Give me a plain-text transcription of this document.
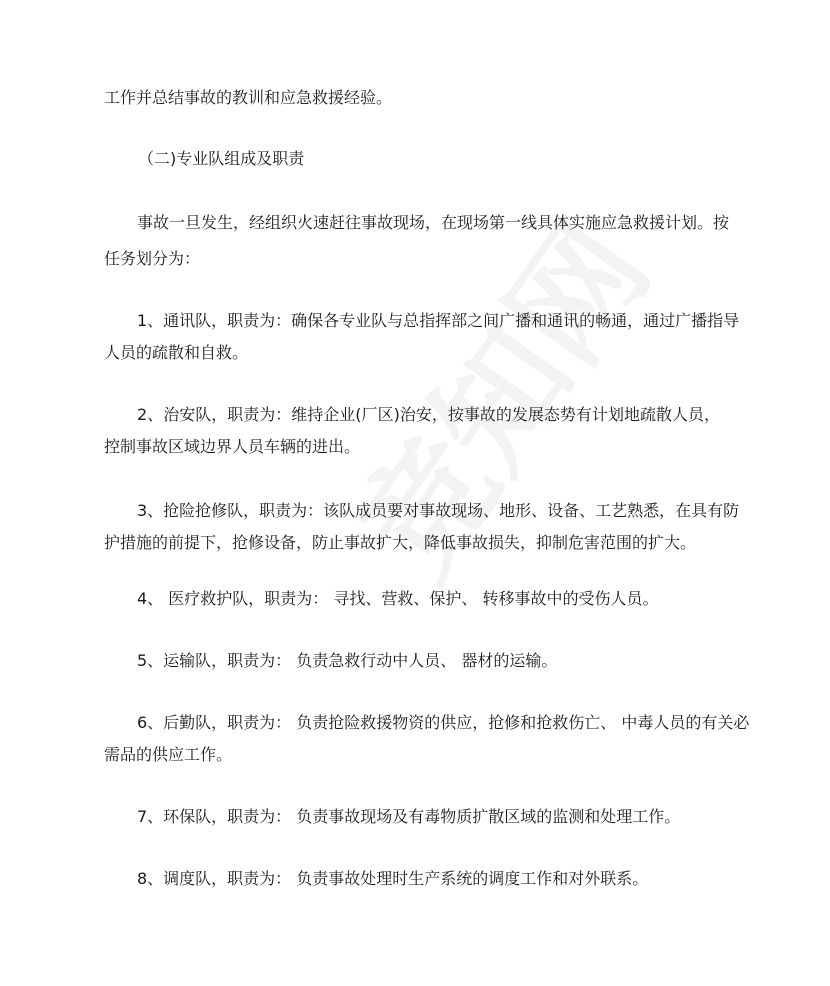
工作并总结事故的教训和应急救援经验。
（二)专业队组成及职责
事故一旦发生，经组织火速赶往事故现场，在现场第一线具体实施应急救援计划。按
任务划分为：
1、通讯队，职责为：确保各专业队与总指挥部之间广播和通讯的畅通，通过广播指导
人员的疏散和自救。
2、治安队，职责为：维持企业(厂区)治安，按事故的发展态势有计划地疏散人员，
控制事故区域边界人员车辆的进出。
3、抢险抢修队，职责为：该队成员要对事故现场、地形、设备、工艺熟悉，在具有防
护措施的前提下，抢修设备，防止事故扩大，降低事故损失，抑制危害范围的扩大。
4、 医疗救护队，职责为： 寻找、营救、保护、 转移事故中的受伤人员。
5、运输队，职责为： 负责急救行动中人员、 器材的运输。
6、后勤队，职责为： 负责抢险救援物资的供应，抢修和抢救伤亡、 中毒人员的有关必
需品的供应工作。
7、环保队，职责为： 负责事故现场及有毒物质扩散区域的监测和处理工作。
8、调度队，职责为： 负责事故处理时生产系统的调度工作和对外联系。
